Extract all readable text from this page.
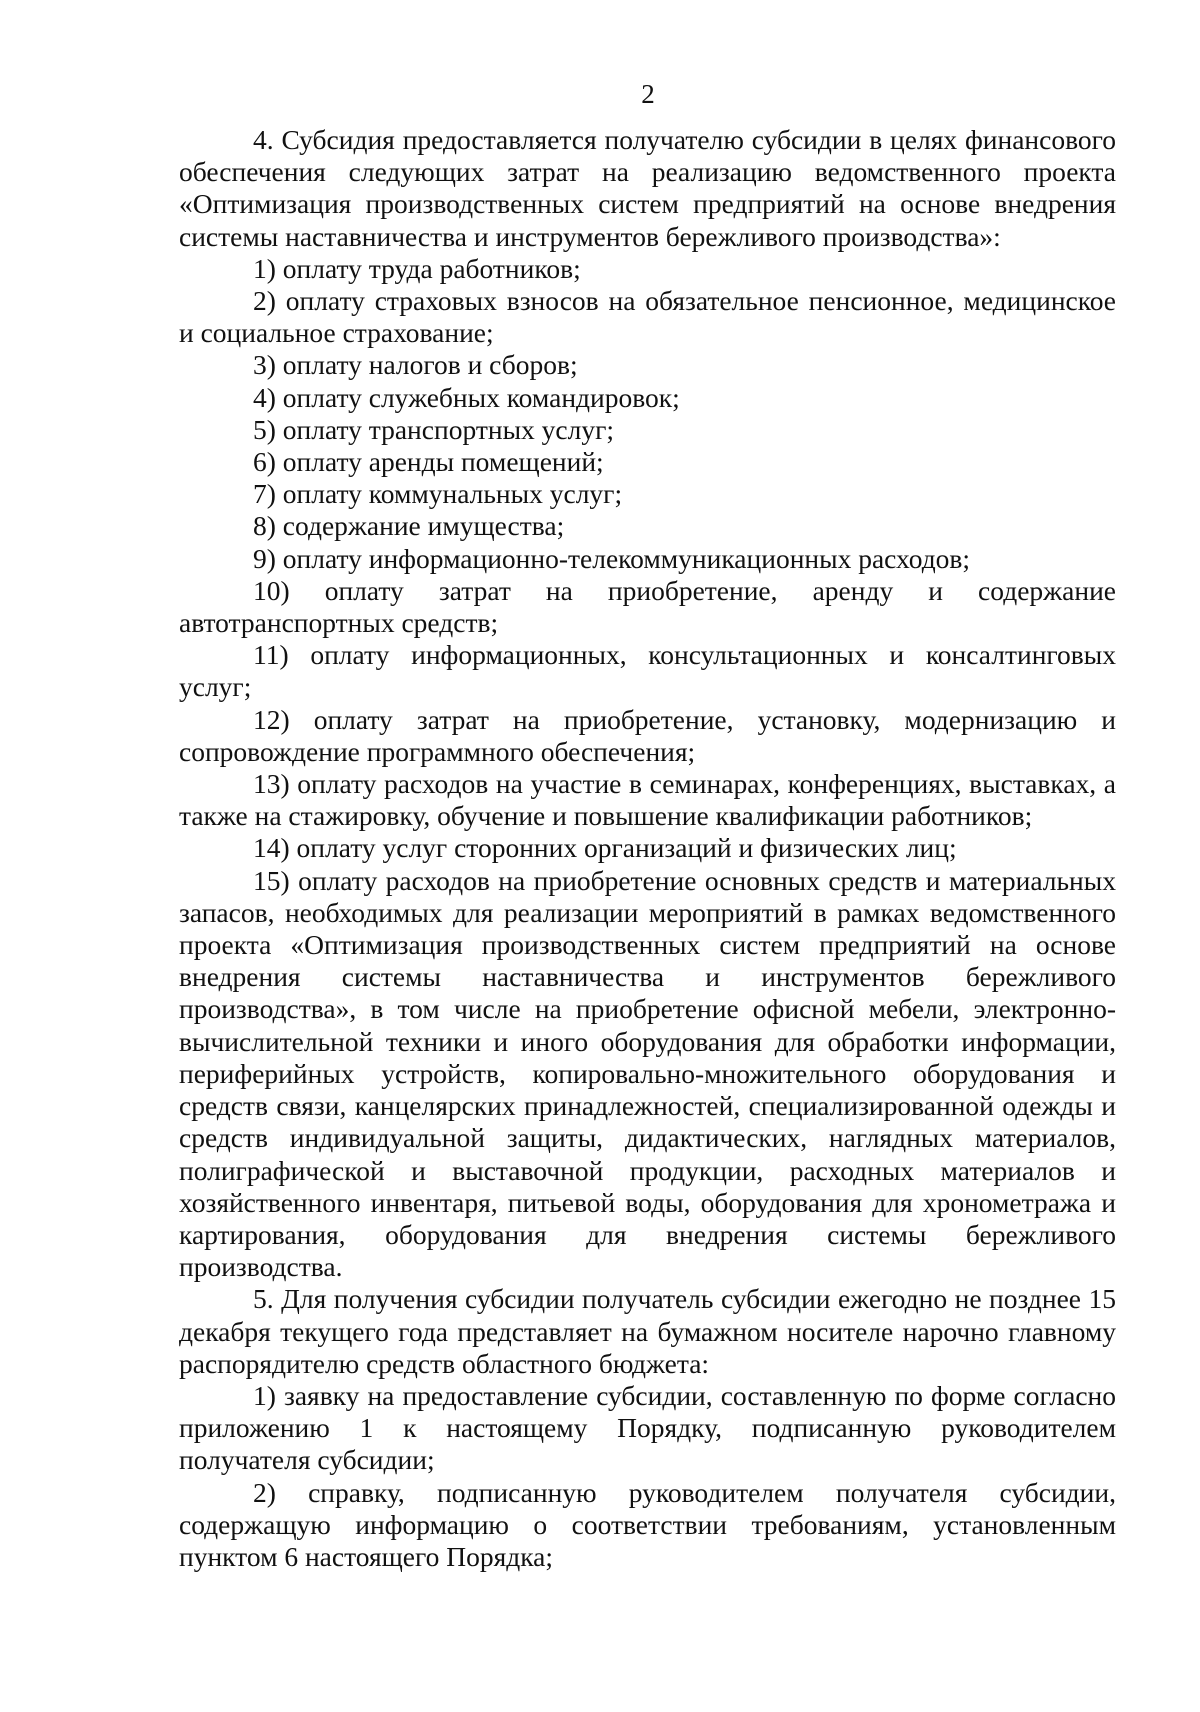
2

4. Субсидия предоставляется получателю субсидии в целях финансового обеспечения следующих затрат на реализацию ведомственного проекта «Оптимизация производственных систем предприятий на основе внедрения системы наставничества и инструментов бережливого производства»:

1) оплату труда работников;

2) оплату страховых взносов на обязательное пенсионное, медицинское и социальное страхование;

3) оплату налогов и сборов;

4) оплату служебных командировок;

5) оплату транспортных услуг;

6) оплату аренды помещений;

7) оплату коммунальных услуг;

8) содержание имущества;

9) оплату информационно-телекоммуникационных расходов;

10) оплату затрат на приобретение, аренду и содержание автотранспортных средств;

11) оплату информационных, консультационных и консалтинговых услуг;

12) оплату затрат на приобретение, установку, модернизацию и сопровождение программного обеспечения;

13) оплату расходов на участие в семинарах, конференциях, выставках, а также на стажировку, обучение и повышение квалификации работников;

14) оплату услуг сторонних организаций и физических лиц;

15) оплату расходов на приобретение основных средств и материальных запасов, необходимых для реализации мероприятий в рамках ведомственного проекта «Оптимизация производственных систем предприятий на основе внедрения системы наставничества и инструментов бережливого производства», в том числе на приобретение офисной мебели, электронно-вычислительной техники и иного оборудования для обработки информации, периферийных устройств, копировально-множительного оборудования и средств связи, канцелярских принадлежностей, специализированной одежды и средств индивидуальной защиты, дидактических, наглядных материалов, полиграфической и выставочной продукции, расходных материалов и хозяйственного инвентаря, питьевой воды, оборудования для хронометража и картирования, оборудования для внедрения системы бережливого производства.

5. Для получения субсидии получатель субсидии ежегодно не позднее 15 декабря текущего года представляет на бумажном носителе нарочно главному распорядителю средств областного бюджета:

1) заявку на предоставление субсидии, составленную по форме согласно приложению 1 к настоящему Порядку, подписанную руководителем получателя субсидии;

2) справку, подписанную руководителем получателя субсидии, содержащую информацию о соответствии требованиям, установленным пунктом 6 настоящего Порядка;
